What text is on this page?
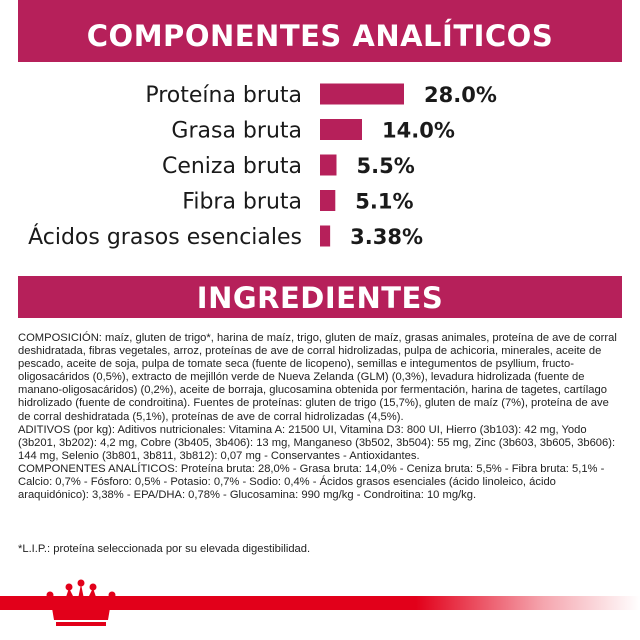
COMPONENTES ANALÍTICOS
Proteína bruta	28.0%
Grasa bruta	14.0%
Ceniza bruta	5.5%
Fibra bruta	5.1%
Ácidos grasos esenciales 3.38%
INGREDIENTES

COMPOSICIÓN: maíz, gluten de trigo*, harina de maíz, trigo, gluten de maíz, grasas animales, proteína de ave de corral deshidratada, fibras vegetales, arroz, proteínas de ave de corral hidrolizadas, pulpa de achicoria, minerales, aceite de pescado, aceite de soja, pulpa de tomate seca (fuente de licopeno), semillas e integumentos de psyllium, fructo-oligosacáridos (0,5%), extracto de mejillón verde de Nueva Zelanda (GLM) (0,3%), levadura hidrolizada (fuente de manano-oligosacáridos) (0,2%), aceite de borraja, glucosamina obtenida por fermentación, harina de tagetes, cartílago hidrolizado (fuente de condroitina). Fuentes de proteínas: gluten de trigo (15,7%), gluten de maíz (7%), proteína de ave de corral deshidratada (5,1%), proteínas de ave de corral hidrolizadas (4,5%).

ADITIVOS (por kg): Aditivos nutricionales: Vitamina A: 21500 UI, Vitamina D3: 800 UI, Hierro (3b103): 42 mg, Yodo (3b201, 3b202): 4,2 mg, Cobre (3b405, 3b406): 13 mg, Manganeso (3b502, 3b504): 55 mg, Zinc (3b603, 3b605, 3b606): 144 mg, Selenio (3b801, 3b811, 3b812): 0,07 mg - Conservantes - Antioxidantes.

COMPONENTES ANALÍTICOS: Proteína bruta: 28,0% - Grasa bruta: 14,0% - Ceniza bruta: 5,5% - Fibra bruta: 5,1% - Calcio: 0,7% - Fósforo: 0,5% - Potasio: 0,7% - Sodio: 0,4% - Ácidos grasos esenciales (ácido linoleico, ácido araquidónico): 3,38% - EPA/DHA: 0,78% - Glucosamina: 990 mg/kg - Condroitina: 10 mg/kg.

*L.I.P.: proteína seleccionada por su elevada digestibilidad.
